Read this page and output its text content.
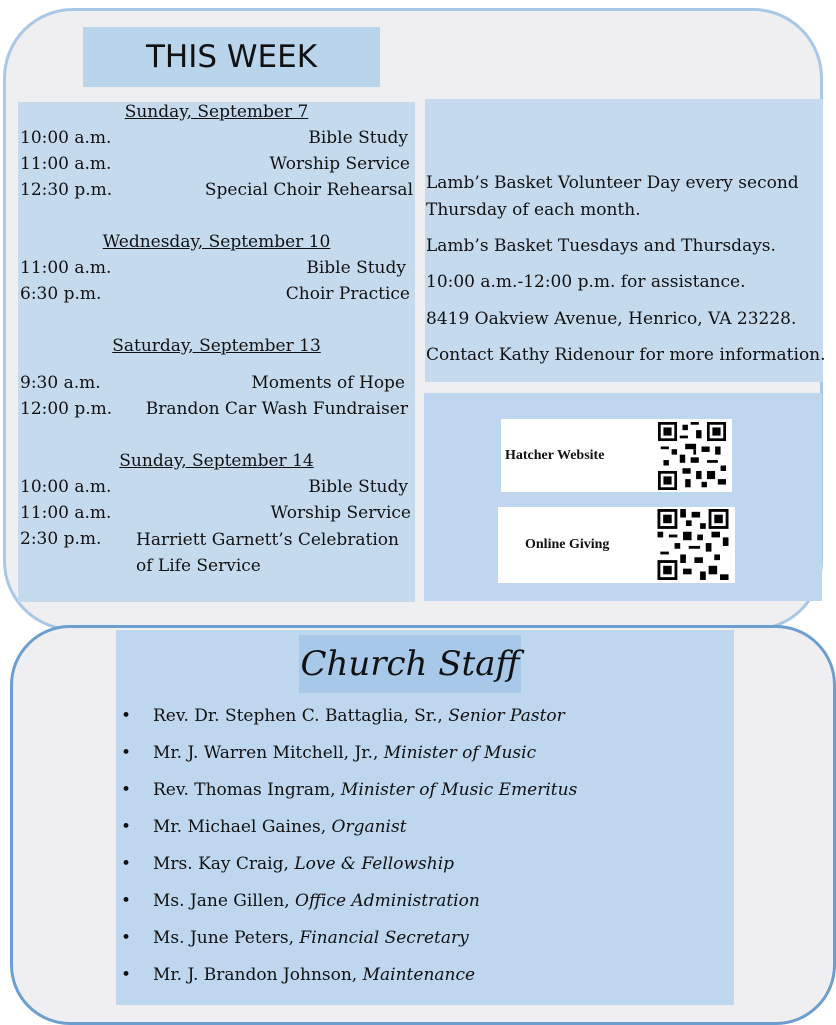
THIS WEEK
Sunday, September 7
10:00 a.m.	Bible Study
11:00 a.m.	Worship Service
12:30 p.m.	Special Choir Rehearsal
Wednesday, September 10
11:00 a.m.	Bible Study
6:30 p.m.	Choir Practice
Saturday, September 13
9:30 a.m.	Moments of Hope
12:00 p.m. Brandon Car Wash Fundraiser
Sunday, September 14
10:00 a.m.	Bible Study
11:00 a.m.	Worship Service
2:30 p.m. Harriett Garnett’s Celebration of Life Service

Lamb’s Basket Volunteer Day every second

Thursday of each month.

Lamb’s Basket Tuesdays and Thursdays.

10:00 a.m.-12:00 p.m. for assistance.

8419 Oakview Avenue, Henrico, VA 23228.

Contact Kathy Ridenour for more information.

Hatcher Website
Online Giving
Church Staff
• Rev. Dr. Stephen C. Battaglia, Sr., Senior Pastor
• Mr. J. Warren Mitchell, Jr., Minister of Music
• Rev. Thomas Ingram, Minister of Music Emeritus
• Mr. Michael Gaines, Organist
• Mrs. Kay Craig, Love & Fellowship
• Ms. Jane Gillen, Office Administration
• Ms. June Peters, Financial Secretary
• Mr. J. Brandon Johnson, Maintenance
